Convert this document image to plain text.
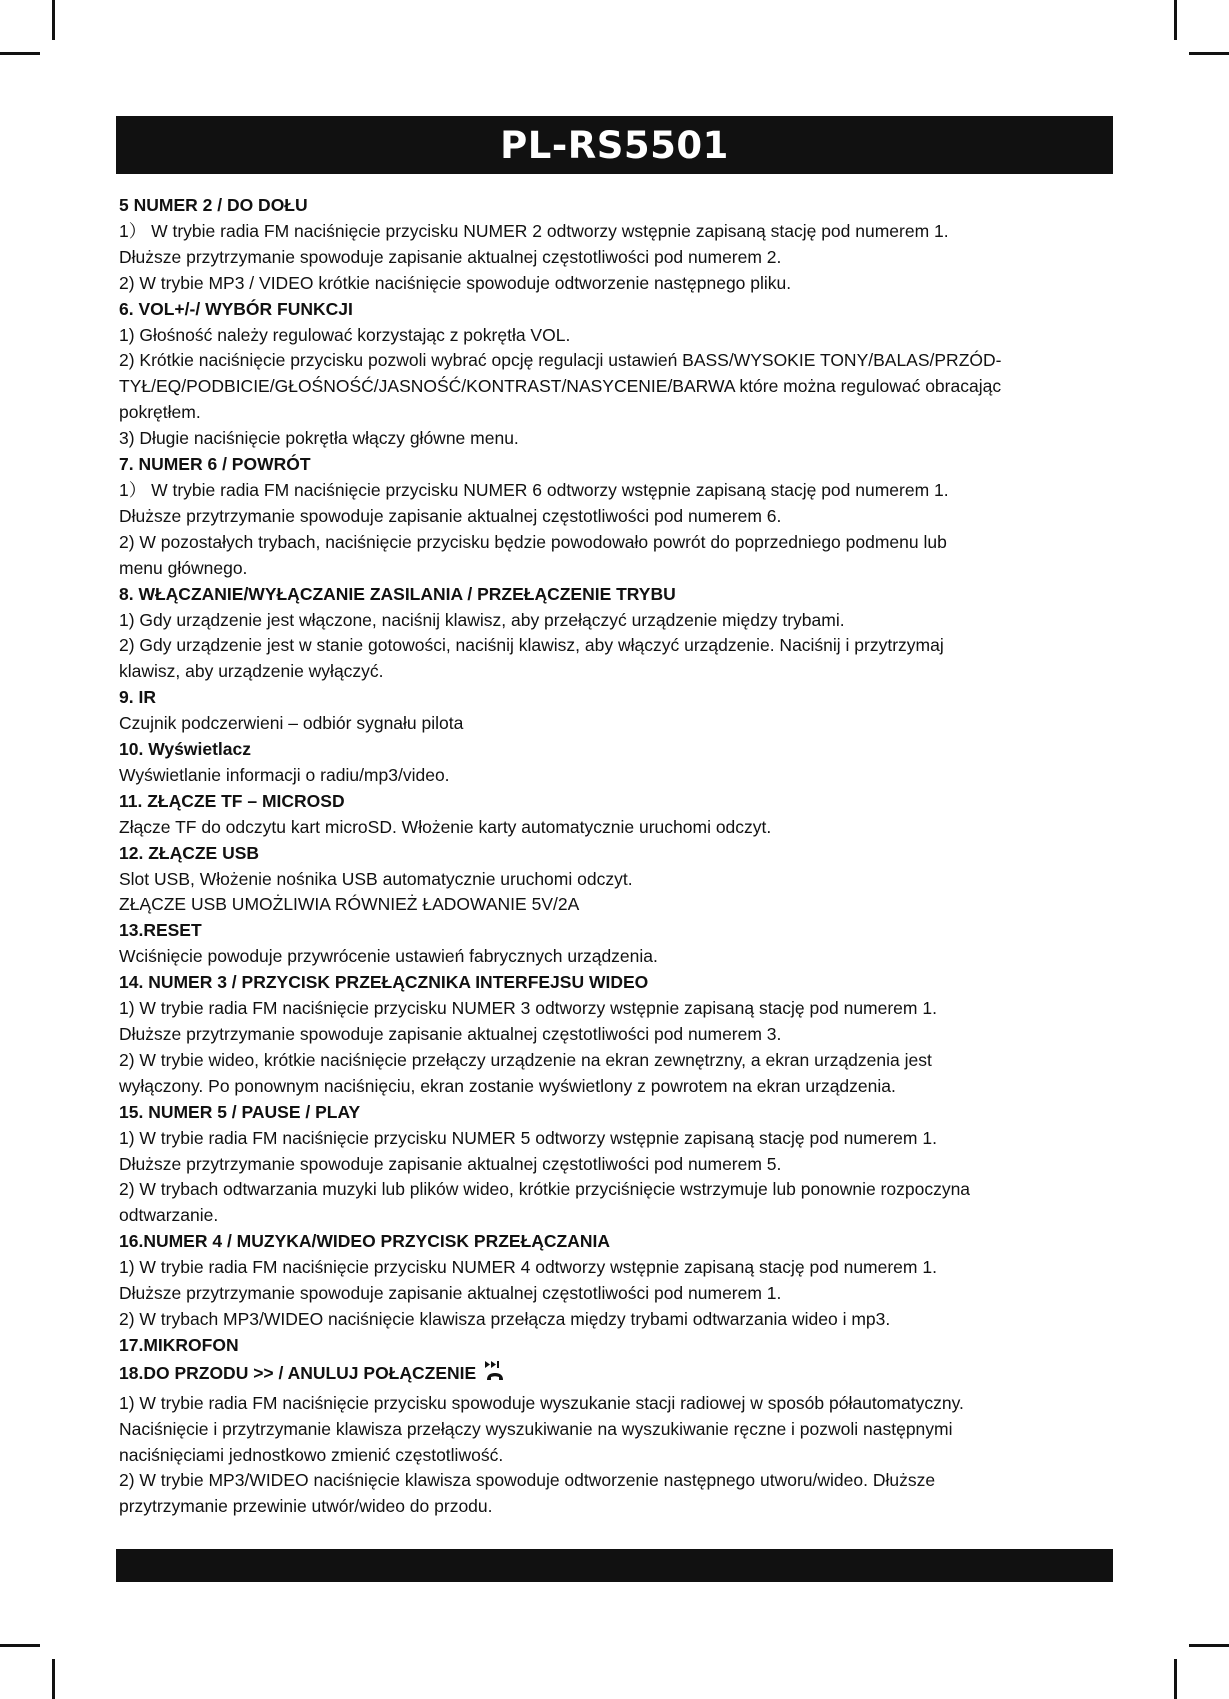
PL-RS5501

5 NUMER 2 / DO DOŁU

1） W trybie radia FM naciśnięcie przycisku NUMER 2 odtworzy wstępnie zapisaną stację pod numerem 1.

Dłuższe przytrzymanie spowoduje zapisanie aktualnej częstotliwości pod numerem 2.

2) W trybie MP3 / VIDEO krótkie naciśnięcie spowoduje odtworzenie następnego pliku.

6. VOL+/-/ WYBÓR FUNKCJI

1) Głośność należy regulować korzystając z pokrętła VOL.

2) Krótkie naciśnięcie przycisku pozwoli wybrać opcję regulacji ustawień BASS/WYSOKIE TONY/BALAS/PRZÓD-

TYŁ/EQ/PODBICIE/GŁOŚNOŚĆ/JASNOŚĆ/KONTRAST/NASYCENIE/BARWA które można regulować obracając

pokrętłem.

3) Długie naciśnięcie pokrętła włączy główne menu.

7. NUMER 6 / POWRÓT

1） W trybie radia FM naciśnięcie przycisku NUMER 6 odtworzy wstępnie zapisaną stację pod numerem 1.

Dłuższe przytrzymanie spowoduje zapisanie aktualnej częstotliwości pod numerem 6.

2) W pozostałych trybach, naciśnięcie przycisku będzie powodowało powrót do poprzedniego podmenu lub

menu głównego.

8. WŁĄCZANIE/WYŁĄCZANIE ZASILANIA / PRZEŁĄCZENIE TRYBU

1) Gdy urządzenie jest włączone, naciśnij klawisz, aby przełączyć urządzenie między trybami.

2) Gdy urządzenie jest w stanie gotowości, naciśnij klawisz, aby włączyć urządzenie. Naciśnij i przytrzymaj

klawisz, aby urządzenie wyłączyć.

9. IR

Czujnik podczerwieni – odbiór sygnału pilota

10. Wyświetlacz

Wyświetlanie informacji o radiu/mp3/video.

11. ZŁĄCZE TF – MICROSD

Złącze TF do odczytu kart microSD. Włożenie karty automatycznie uruchomi odczyt.

12. ZŁĄCZE USB

Slot USB, Włożenie nośnika USB automatycznie uruchomi odczyt.

ZŁĄCZE USB UMOŻLIWIA RÓWNIEŻ ŁADOWANIE 5V/2A

13.RESET

Wciśnięcie powoduje przywrócenie ustawień fabrycznych urządzenia.

14. NUMER 3 / PRZYCISK PRZEŁĄCZNIKA INTERFEJSU WIDEO

1) W trybie radia FM naciśnięcie przycisku NUMER 3 odtworzy wstępnie zapisaną stację pod numerem 1.

Dłuższe przytrzymanie spowoduje zapisanie aktualnej częstotliwości pod numerem 3.

2) W trybie wideo, krótkie naciśnięcie przełączy urządzenie na ekran zewnętrzny, a ekran urządzenia jest

wyłączony. Po ponownym naciśnięciu, ekran zostanie wyświetlony z powrotem na ekran urządzenia.

15. NUMER 5 / PAUSE / PLAY

1) W trybie radia FM naciśnięcie przycisku NUMER 5 odtworzy wstępnie zapisaną stację pod numerem 1.

Dłuższe przytrzymanie spowoduje zapisanie aktualnej częstotliwości pod numerem 5.

2) W trybach odtwarzania muzyki lub plików wideo, krótkie przyciśnięcie wstrzymuje lub ponownie rozpoczyna

odtwarzanie.

16.NUMER 4 / MUZYKA/WIDEO PRZYCISK PRZEŁĄCZANIA

1) W trybie radia FM naciśnięcie przycisku NUMER 4 odtworzy wstępnie zapisaną stację pod numerem 1.

Dłuższe przytrzymanie spowoduje zapisanie aktualnej częstotliwości pod numerem 1.

2) W trybach MP3/WIDEO naciśnięcie klawisza przełącza między trybami odtwarzania wideo i mp3.

17.MIKROFON

18.DO PRZODU >> / ANULUJ POŁĄCZENIE

1) W trybie radia FM naciśnięcie przycisku spowoduje wyszukanie stacji radiowej w sposób półautomatyczny.

Naciśnięcie i przytrzymanie klawisza przełączy wyszukiwanie na wyszukiwanie ręczne i pozwoli następnymi

naciśnięciami jednostkowo zmienić częstotliwość.

2) W trybie MP3/WIDEO naciśnięcie klawisza spowoduje odtworzenie następnego utworu/wideo. Dłuższe

przytrzymanie przewinie utwór/wideo do przodu.
